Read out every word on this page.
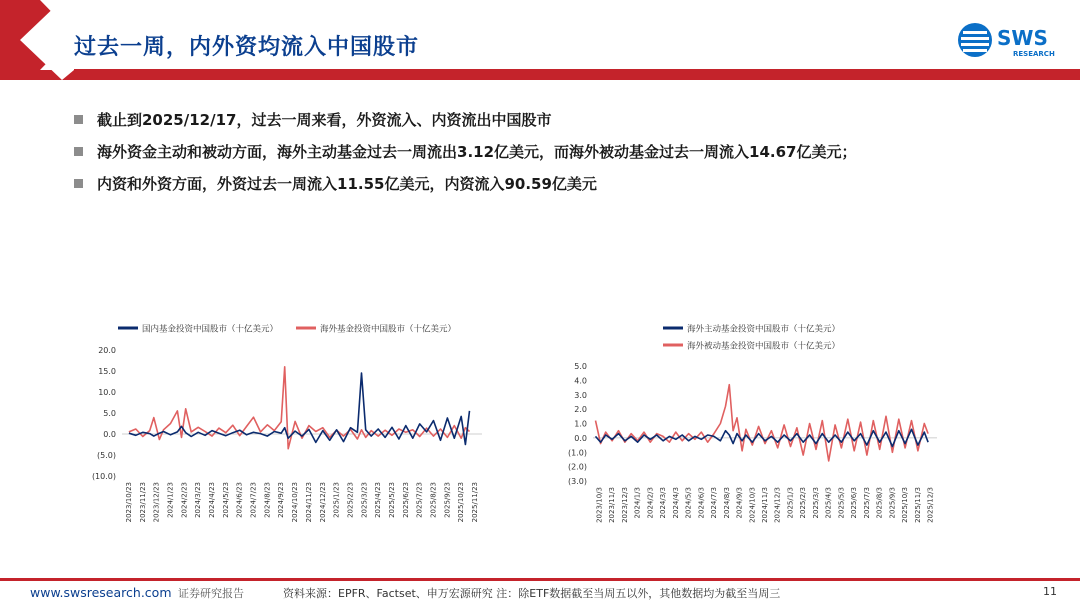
过去一周，内外资均流入中国股市	SWS
RESEARCH
截止到2025/12/17，过去一周来看，外资流入、内资流出中国股市
海外资金主动和被动方面，海外主动基金过去一周流出3.12亿美元，而海外被动基金过去一周流入14.67亿美元；
内资和外资方面，外资过去一周流入11.55亿美元，内资流入90.59亿美元
国内基金投资中国股市（十亿美元）	海外基金投资中国股市（十亿美元）
20.0
15.0
10.0
5.0
0.0
(5.0)
(10.0)
2023/10/23 2023/11/23 2023/12/23 2024/1/23 2024/2/23 2024/3/23 2024/4/23 2024/5/23 2024/6/23 2024/7/23 2024/8/23 2024/9/23 2024/10/23 2024/11/23 2024/12/23 2025/1/23 2025/2/23 2025/3/23 2025/4/23 2025/5/23 2025/6/23 2025/7/23 2025/8/23 2025/9/23 2025/10/23 2025/11/23
海外主动基金投资中国股市（十亿美元）
海外被动基金投资中国股市（十亿美元）
5.0
4.0
3.0
2.0
1.0
0.0
(1.0)
(2.0)
(3.0)
2023/10/3 2023/11/3 2023/12/3 2024/1/3 2024/2/3 2024/3/3 2024/4/3 2024/5/3 2024/6/3 2024/7/3 2024/8/3 2024/9/3 2024/10/3 2024/11/3 2024/12/3 2025/1/3 2025/2/3 2025/3/3 2025/4/3 2025/5/3 2025/6/3 2025/7/3 2025/8/3 2025/9/3 2025/10/3 2025/11/3 2025/12/3
www.swsresearch.com 证券研究报告	资料来源：EPFR、Factset、申万宏源研究 注：除ETF数据截至当周五以外，其他数据均为截至当周三	11
